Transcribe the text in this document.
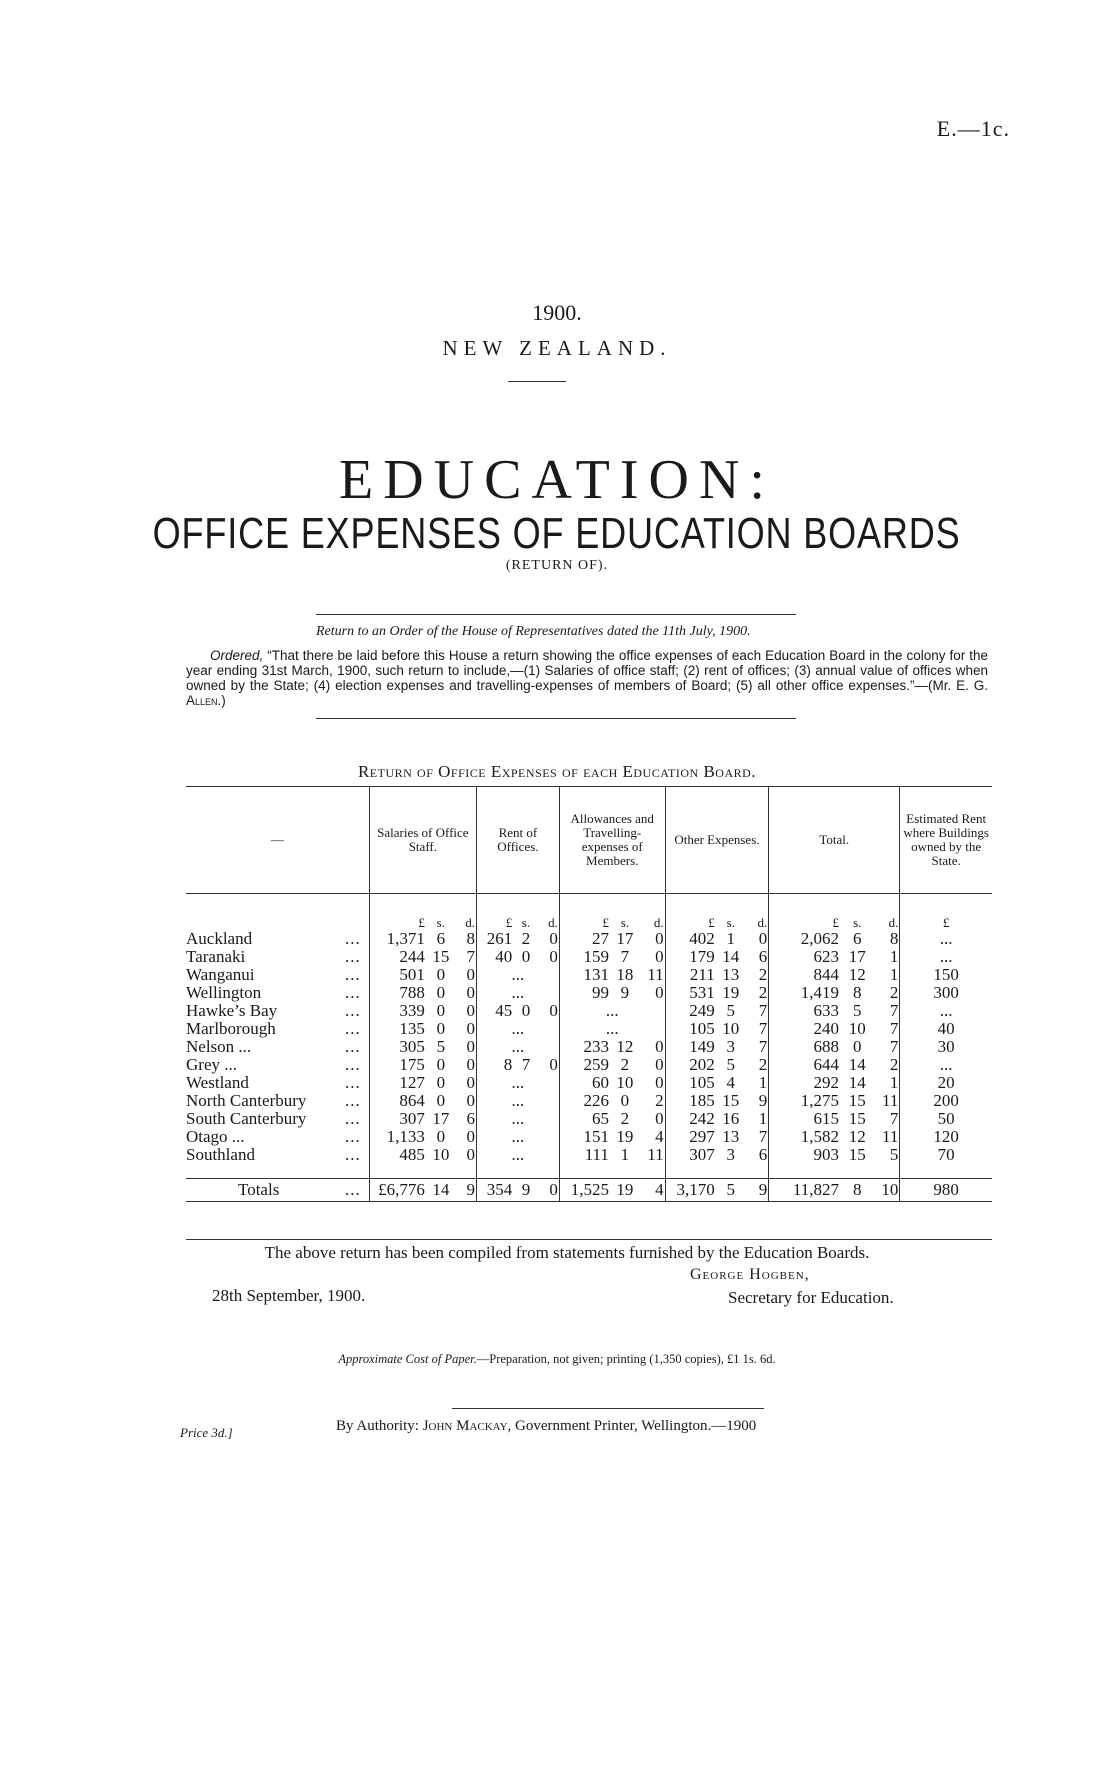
E.—1c.
1900.
NEW ZEALAND.
EDUCATION:
OFFICE EXPENSES OF EDUCATION BOARDS
(RETURN OF).
Return to an Order of the House of Representatives dated the 11th July, 1900.
Ordered, “That there be laid before this House a return showing the office expenses of each Education Board in the colony for the year ending 31st March, 1900, such return to include,—(1) Salaries of office staff; (2) rent of offices; (3) annual value of offices when owned by the State; (4) election expenses and travelling-expenses of members of Board; (5) all other office expenses.”—(Mr. E. G. Allen.)
Return of Office Expenses of each Education Board.
—		Salaries of Office Staff.			Rent of Offices.			Allowances and Travelling-expenses of Members.			Other Expenses.			Total.			Estimated Rent where Buildings owned by the State.
		£	s.	d.	£	s.	d.	£	s.	d.	£	s.	d.	£	s.	d.	£
Auckland	...	1,371	6	8	261	2	0	27	17	0	402	1	0	2,062	6	8	...
Taranaki	...	244	15	7	40	0	0	159	7	0	179	14	6	623	17	1	...
Wanganui	...	501	0	0	...			131	18	11	211	13	2	844	12	1	150
Wellington	...	788	0	0	...			99	9	0	531	19	2	1,419	8	2	300
Hawke’s Bay	...	339	0	0	45	0	0	...			249	5	7	633	5	7	...
Marlborough	...	135	0	0	...			...			105	10	7	240	10	7	40
Nelson ...	...	305	5	0	...			233	12	0	149	3	7	688	0	7	30
Grey ...	...	175	0	0	8	7	0	259	2	0	202	5	2	644	14	2	...
Westland	...	127	0	0	...			60	10	0	105	4	1	292	14	1	20
North Canterbury	...	864	0	0	...			226	0	2	185	15	9	1,275	15	11	200
South Canterbury	...	307	17	6	...			65	2	0	242	16	1	615	15	7	50
Otago ...	...	1,133	0	0	...			151	19	4	297	13	7	1,582	12	11	120
Southland	...	485	10	0	...			111	1	11	307	3	6	903	15	5	70

Totals	...	£6,776	14	9	354	9	0	1,525	19	4	3,170	5	9	11,827	8	10	980
The above return has been compiled from statements furnished by the Education Boards.
George Hogben,
28th September, 1900.	Secretary for Education.
Approximate Cost of Paper.—Preparation, not given; printing (1,350 copies), £1 1s. 6d.
Price 3d.]	By Authority: John Mackay, Government Printer, Wellington.—1900
